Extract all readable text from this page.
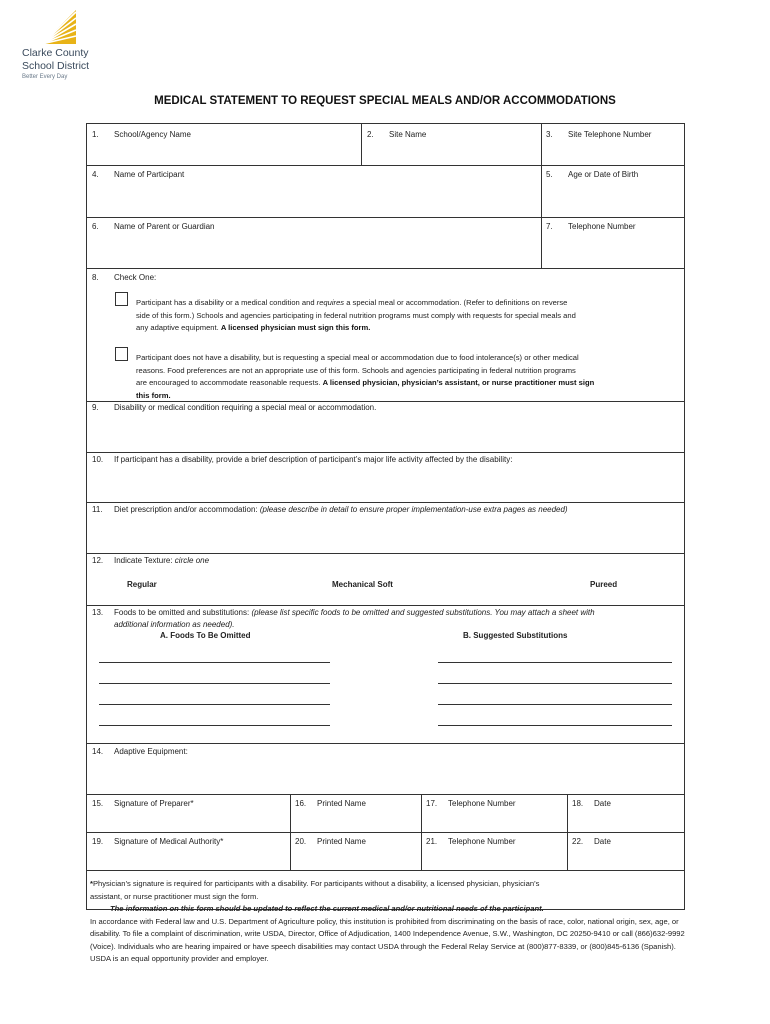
Clarke County
School District
Better Every Day
MEDICAL STATEMENT TO REQUEST SPECIAL MEALS AND/OR ACCOMMODATIONS
1. School/Agency Name	2. Site Name	3. Site Telephone Number
4. Name of Participant	5. Age or Date of Birth
6. Name of Parent or Guardian	7. Telephone Number
8. Check One:
Participant has a disability or a medical condition and requires a special meal or accommodation. (Refer to definitions on reverse
side of this form.) Schools and agencies participating in federal nutrition programs must comply with requests for special meals and
any adaptive equipment. A licensed physician must sign this form.
Participant does not have a disability, but is requesting a special meal or accommodation due to food intolerance(s) or other medical
reasons. Food preferences are not an appropriate use of this form. Schools and agencies participating in federal nutrition programs
are encouraged to accommodate reasonable requests. A licensed physician, physician’s assistant, or nurse practitioner must sign
this form.
9. Disability or medical condition requiring a special meal or accommodation.
10. If participant has a disability, provide a brief description of participant’s major life activity affected by the disability:
11. Diet prescription and/or accommodation: (please describe in detail to ensure proper implementation-use extra pages as needed)
12. Indicate Texture: circle one
Regular	Mechanical Soft	Pureed
13. Foods to be omitted and substitutions: (please list specific foods to be omitted and suggested substitutions. You may attach a sheet with
additional information as needed).
A. Foods To Be Omitted	B. Suggested Substitutions
14. Adaptive Equipment:
15. Signature of Preparer*	16. Printed Name	17. Telephone Number	18. Date
19. Signature of Medical Authority*	20. Printed Name	21. Telephone Number	22. Date
*Physician’s signature is required for participants with a disability. For participants without a disability, a licensed physician, physician’s
assistant, or nurse practitioner must sign the form.
The information on this form should be updated to reflect the current medical and/or nutritional needs of the participant.
In accordance with Federal law and U.S. Department of Agriculture policy, this institution is prohibited from discriminating on the basis of race, color, national origin, sex, age, or disability. To file a complaint of discrimination, write USDA, Director, Office of Adjudication, 1400 Independence Avenue, S.W., Washington, DC 20250-9410 or call (866)632-9992 (Voice). Individuals who are hearing impaired or have speech disabilities may contact USDA through the Federal Relay Service at (800)877-8339, or (800)845-6136 (Spanish). USDA is an equal opportunity provider and employer.
